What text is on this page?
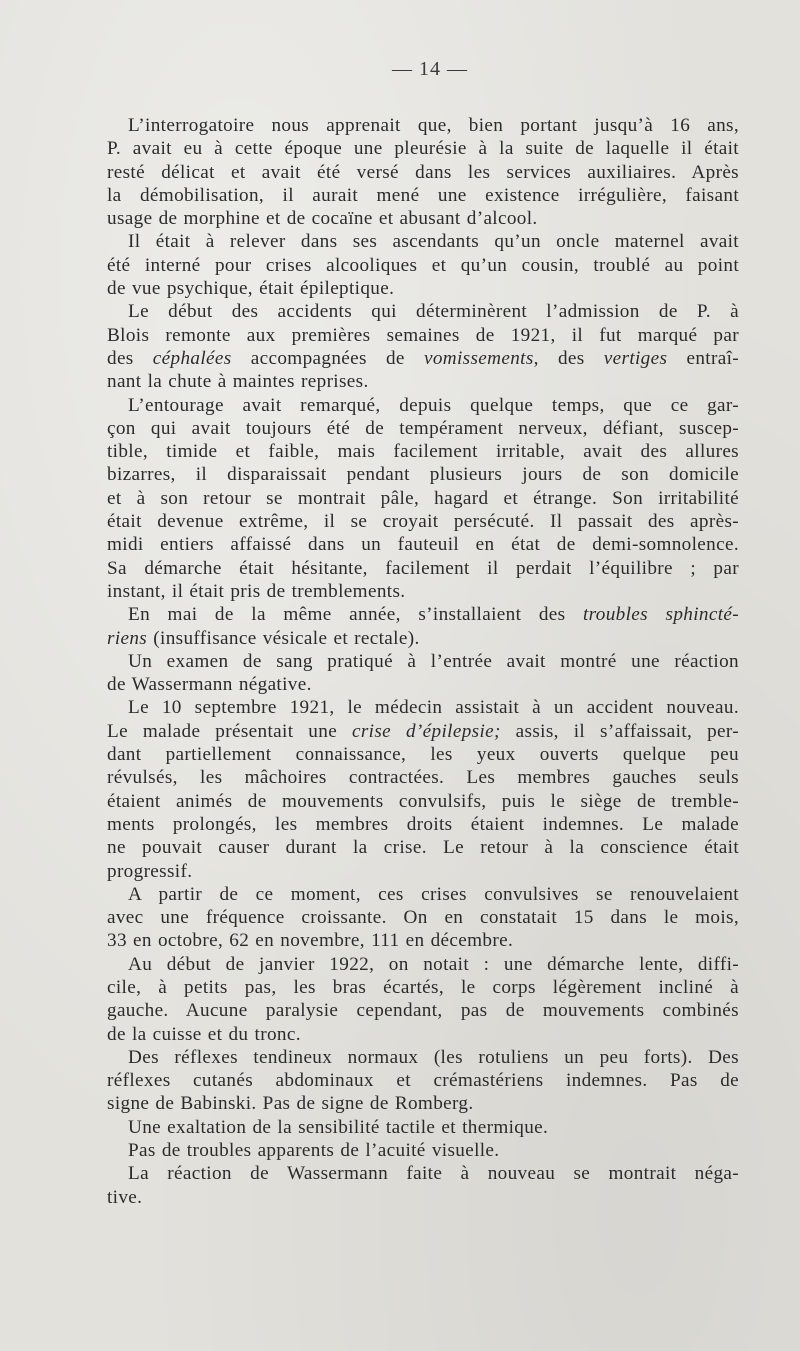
— 14 —
L’interrogatoire nous apprenait que, bien portant jusqu’à 16 ans,
P. avait eu à cette époque une pleurésie à la suite de laquelle il était
resté délicat et avait été versé dans les services auxiliaires. Après
la démobilisation, il aurait mené une existence irrégulière, faisant
usage de morphine et de cocaïne et abusant d’alcool.
Il était à relever dans ses ascendants qu’un oncle maternel avait
été interné pour crises alcooliques et qu’un cousin, troublé au point
de vue psychique, était épileptique.
Le début des accidents qui déterminèrent l’admission de P. à
Blois remonte aux premières semaines de 1921, il fut marqué par
des céphalées accompagnées de vomissements, des vertiges entraî-
nant la chute à maintes reprises.
L’entourage avait remarqué, depuis quelque temps, que ce gar-
çon qui avait toujours été de tempérament nerveux, défiant, suscep-
tible, timide et faible, mais facilement irritable, avait des allures
bizarres, il disparaissait pendant plusieurs jours de son domicile
et à son retour se montrait pâle, hagard et étrange. Son irritabilité
était devenue extrême, il se croyait persécuté. Il passait des après-
midi entiers affaissé dans un fauteuil en état de demi-somnolence.
Sa démarche était hésitante, facilement il perdait l’équilibre ; par
instant, il était pris de tremblements.
En mai de la même année, s’installaient des troubles sphincté-
riens (insuffisance vésicale et rectale).
Un examen de sang pratiqué à l’entrée avait montré une réaction
de Wassermann négative.
Le 10 septembre 1921, le médecin assistait à un accident nouveau.
Le malade présentait une crise d’épilepsie; assis, il s’affaissait, per-
dant partiellement connaissance, les yeux ouverts quelque peu
révulsés, les mâchoires contractées. Les membres gauches seuls
étaient animés de mouvements convulsifs, puis le siège de tremble-
ments prolongés, les membres droits étaient indemnes. Le malade
ne pouvait causer durant la crise. Le retour à la conscience était
progressif.
A partir de ce moment, ces crises convulsives se renouvelaient
avec une fréquence croissante. On en constatait 15 dans le mois,
33 en octobre, 62 en novembre, 111 en décembre.
Au début de janvier 1922, on notait : une démarche lente, diffi-
cile, à petits pas, les bras écartés, le corps légèrement incliné à
gauche. Aucune paralysie cependant, pas de mouvements combinés
de la cuisse et du tronc.
Des réflexes tendineux normaux (les rotuliens un peu forts). Des
réflexes cutanés abdominaux et crémastériens indemnes. Pas de
signe de Babinski. Pas de signe de Romberg.
Une exaltation de la sensibilité tactile et thermique.
Pas de troubles apparents de l’acuité visuelle.
La réaction de Wassermann faite à nouveau se montrait néga-
tive.
